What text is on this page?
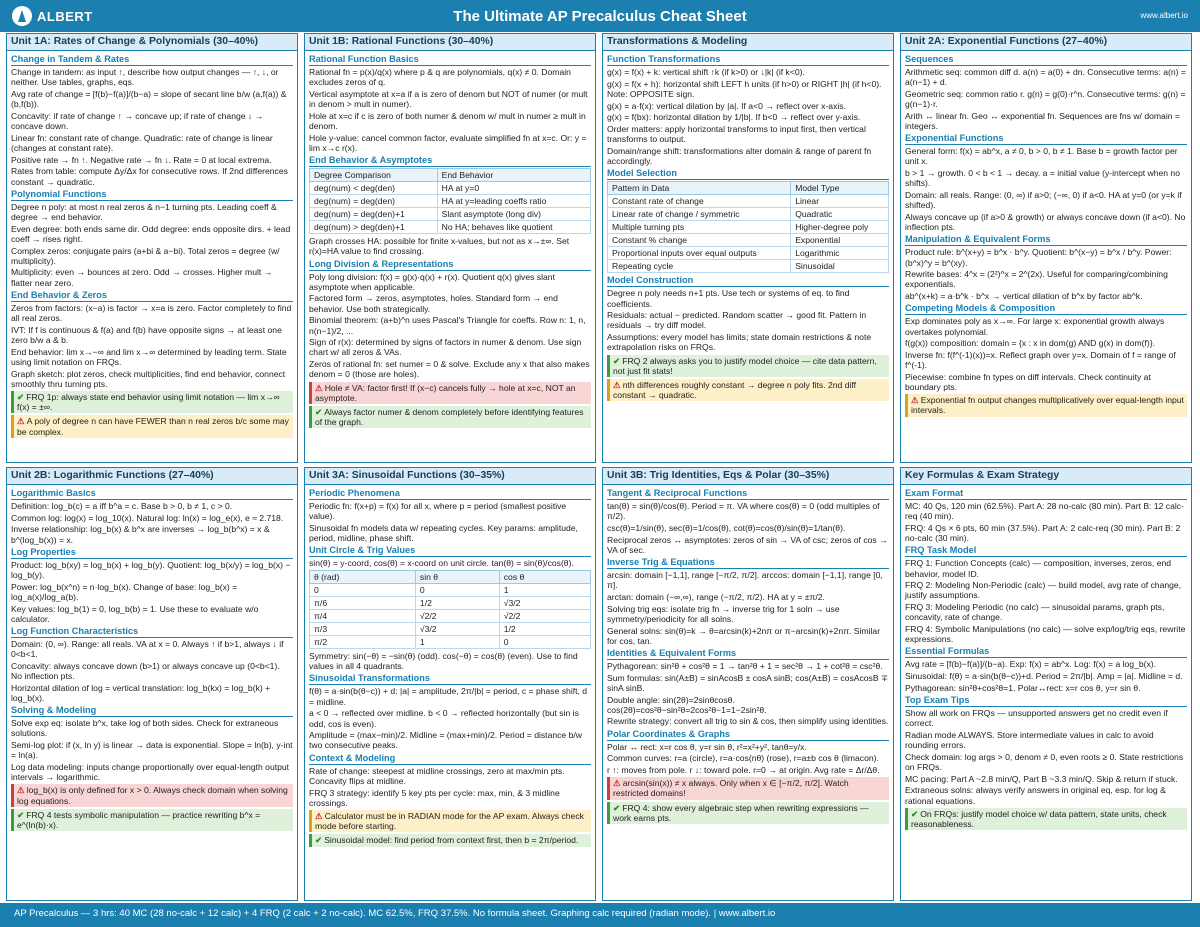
ALBERT	The Ultimate AP Precalculus Cheat Sheet	www.albert.io
Unit 1A: Rates of Change & Polynomials (30–40%)
Change in Tandem & Rates
Change in tandem: as input ↑, describe how output changes — ↑, ↓, or neither. Use tables, graphs, eqs.
Avg rate of change = [f(b)−f(a)]/(b−a) = slope of secant line b/w (a,f(a)) & (b,f(b)).
Concavity: if rate of change ↑ → concave up; if rate of change ↓ → concave down.
Linear fn: constant rate of change. Quadratic: rate of change is linear (changes at constant rate).
Positive rate → fn ↑. Negative rate → fn ↓. Rate = 0 at local extrema.
Rates from table: compute Δy/Δx for consecutive rows. If 2nd differences constant → quadratic.
Polynomial Functions
Degree n poly: at most n real zeros & n−1 turning pts. Leading coeff & degree → end behavior.
Even degree: both ends same dir. Odd degree: ends opposite dirs. + lead coeff → rises right.
Complex zeros: conjugate pairs (a+bi & a−bi). Total zeros = degree (w/ multiplicity).
Multiplicity: even → bounces at zero. Odd → crosses. Higher mult → flatter near zero.
End Behavior & Zeros
Zeros from factors: (x−a) is factor → x=a is zero. Factor completely to find all real zeros.
IVT: If f is continuous & f(a) and f(b) have opposite signs → at least one zero b/w a & b.
End behavior: lim x→−∞ and lim x→∞ determined by leading term. State using limit notation on FRQs.
Graph sketch: plot zeros, check multiplicities, find end behavior, connect smoothly thru turning pts.
✔ FRQ 1p: always state end behavior using limit notation — lim x→∞ f(x) = ±∞.
⚠ A poly of degree n can have FEWER than n real zeros b/c some may be complex.
Unit 1B: Rational Functions (30–40%)
Rational Function Basics
Rational fn = p(x)/q(x) where p & q are polynomials, q(x) ≠ 0. Domain excludes zeros of q.
Vertical asymptote at x=a if a is zero of denom but NOT of numer (or mult in denom > mult in numer).
Hole at x=c if c is zero of both numer & denom w/ mult in numer ≥ mult in denom.
Hole y-value: cancel common factor, evaluate simplified fn at x=c. Or: y = lim x→c r(x).
End Behavior & Asymptotes
Degree Comparison	End Behavior
deg(num) < deg(den)	HA at y=0
deg(num) = deg(den)	HA at y=leading coeffs ratio
deg(num) = deg(den)+1	Slant asymptote (long div)
deg(num) > deg(den)+1	No HA; behaves like quotient
Graph crosses HA: possible for finite x-values, but not as x→±∞. Set r(x)=HA value to find crossing.
Long Division & Representations
Poly long division: f(x) = g(x)·q(x) + r(x). Quotient q(x) gives slant asymptote when applicable.
Factored form → zeros, asymptotes, holes. Standard form → end behavior. Use both strategically.
Binomial theorem: (a+b)^n uses Pascal's Triangle for coeffs. Row n: 1, n, n(n−1)/2, ...
Sign of r(x): determined by signs of factors in numer & denom. Use sign chart w/ all zeros & VAs.
Zeros of rational fn: set numer = 0 & solve. Exclude any x that also makes denom = 0 (those are holes).
⚠ Hole ≠ VA: factor first! If (x−c) cancels fully → hole at x=c, NOT an asymptote.
✔ Always factor numer & denom completely before identifying features of the graph.
Transformations & Modeling
Function Transformations
g(x) = f(x) + k: vertical shift ↑k (if k>0) or ↓|k| (if k<0).
g(x) = f(x + h): horizontal shift LEFT h units (if h>0) or RIGHT |h| (if h<0). Note: OPPOSITE sign.
g(x) = a·f(x): vertical dilation by |a|. If a<0 → reflect over x-axis.
g(x) = f(bx): horizontal dilation by 1/|b|. If b<0 → reflect over y-axis.
Order matters: apply horizontal transforms to input first, then vertical transforms to output.
Domain/range shift: transformations alter domain & range of parent fn accordingly.
Model Selection
Pattern in Data	Model Type
Constant rate of change	Linear
Linear rate of change / symmetric	Quadratic
Multiple turning pts	Higher-degree poly
Constant % change	Exponential
Proportional inputs over equal outputs	Logarithmic
Repeating cycle	Sinusoidal
Model Construction
Degree n poly needs n+1 pts. Use tech or systems of eq. to find coefficients.
Residuals: actual − predicted. Random scatter → good fit. Pattern in residuals → try diff model.
Assumptions: every model has limits; state domain restrictions & note extrapolation risks on FRQs.
✔ FRQ 2 always asks you to justify model choice — cite data pattern, not just fit stats!
⚠ nth differences roughly constant → degree n poly fits. 2nd diff constant → quadratic.
Unit 2A: Exponential Functions (27–40%)
Sequences
Arithmetic seq: common diff d. a(n) = a(0) + dn. Consecutive terms: a(n) = a(n−1) + d.
Geometric seq: common ratio r. g(n) = g(0)·r^n. Consecutive terms: g(n) = g(n−1)·r.
Arith ↔ linear fn. Geo ↔ exponential fn. Sequences are fns w/ domain = integers.
Exponential Functions
General form: f(x) = ab^x, a ≠ 0, b > 0, b ≠ 1. Base b = growth factor per unit x.
b > 1 → growth. 0 < b < 1 → decay. a = initial value (y-intercept when no shifts).
Domain: all reals. Range: (0, ∞) if a>0; (−∞, 0) if a<0. HA at y=0 (or y=k if shifted).
Always concave up (if a>0 & growth) or always concave down (if a<0). No inflection pts.
Manipulation & Equivalent Forms
Product rule: b^(x+y) = b^x · b^y. Quotient: b^(x−y) = b^x / b^y. Power: (b^x)^y = b^(xy).
Rewrite bases: 4^x = (2²)^x = 2^(2x). Useful for comparing/combining exponentials.
ab^(x+k) = a·b^k · b^x → vertical dilation of b^x by factor ab^k.
Competing Models & Composition
Exp dominates poly as x→∞. For large x: exponential growth always overtakes polynomial.
f(g(x)) composition: domain = {x : x in dom(g) AND g(x) in dom(f)}.
Inverse fn: f(f^(-1)(x))=x. Reflect graph over y=x. Domain of f = range of f^(-1).
Piecewise: combine fn types on diff intervals. Check continuity at boundary pts.
⚠ Exponential fn output changes multiplicatively over equal-length input intervals.
Unit 2B: Logarithmic Functions (27–40%)
Logarithmic Basics
Definition: log_b(c) = a iff b^a = c. Base b > 0, b ≠ 1, c > 0.
Common log: log(x) = log_10(x). Natural log: ln(x) = log_e(x), e ≈ 2.718.
Inverse relationship: log_b(x) & b^x are inverses → log_b(b^x) = x & b^(log_b(x)) = x.
Log Properties
Product: log_b(xy) = log_b(x) + log_b(y). Quotient: log_b(x/y) = log_b(x) − log_b(y).
Power: log_b(x^n) = n·log_b(x). Change of base: log_b(x) = log_a(x)/log_a(b).
Key values: log_b(1) = 0, log_b(b) = 1. Use these to evaluate w/o calculator.
Log Function Characteristics
Domain: (0, ∞). Range: all reals. VA at x = 0. Always ↑ if b>1, always ↓ if 0<b<1.
Concavity: always concave down (b>1) or always concave up (0<b<1). No inflection pts.
Horizontal dilation of log = vertical translation: log_b(kx) = log_b(k) + log_b(x).
Solving & Modeling
Solve exp eq: isolate b^x, take log of both sides. Check for extraneous solutions.
Semi-log plot: if (x, ln y) is linear → data is exponential. Slope = ln(b), y-int = ln(a).
Log data modeling: inputs change proportionally over equal-length output intervals → logarithmic.
⚠ log_b(x) is only defined for x > 0. Always check domain when solving log equations.
✔ FRQ 4 tests symbolic manipulation — practice rewriting b^x = e^(ln(b)·x).
Unit 3A: Sinusoidal Functions (30–35%)
Periodic Phenomena
Periodic fn: f(x+p) = f(x) for all x, where p = period (smallest positive value).
Sinusoidal fn models data w/ repeating cycles. Key params: amplitude, period, midline, phase shift.
Unit Circle & Trig Values
sin(θ) = y-coord, cos(θ) = x-coord on unit circle. tan(θ) = sin(θ)/cos(θ).
θ (rad)	sin θ	cos θ
0	0	1
π/6	1/2	√3/2
π/4	√2/2	√2/2
π/3	√3/2	1/2
π/2	1	0
Symmetry: sin(−θ) = −sin(θ) (odd). cos(−θ) = cos(θ) (even). Use to find values in all 4 quadrants.
Sinusoidal Transformations
f(θ) = a·sin(b(θ−c)) + d: |a| = amplitude, 2π/|b| = period, c = phase shift, d = midline.
a < 0 → reflected over midline. b < 0 → reflected horizontally (but sin is odd, cos is even).
Amplitude = (max−min)/2. Midline = (max+min)/2. Period = distance b/w two consecutive peaks.
Context & Modeling
Rate of change: steepest at midline crossings, zero at max/min pts. Concavity flips at midline.
FRQ 3 strategy: identify 5 key pts per cycle: max, min, & 3 midline crossings.
⚠ Calculator must be in RADIAN mode for the AP exam. Always check mode before starting.
✔ Sinusoidal model: find period from context first, then b = 2π/period.
Unit 3B: Trig Identities, Eqs & Polar (30–35%)
Tangent & Reciprocal Functions
tan(θ) = sin(θ)/cos(θ). Period = π. VA where cos(θ) = 0 (odd multiples of π/2).
csc(θ)=1/sin(θ), sec(θ)=1/cos(θ), cot(θ)=cos(θ)/sin(θ)=1/tan(θ).
Reciprocal zeros ↔ asymptotes: zeros of sin → VA of csc; zeros of cos → VA of sec.
Inverse Trig & Equations
arcsin: domain [−1,1], range [−π/2, π/2]. arccos: domain [−1,1], range [0, π].
arctan: domain (−∞,∞), range (−π/2, π/2). HA at y = ±π/2.
Solving trig eqs: isolate trig fn → inverse trig for 1 soln → use symmetry/periodicity for all solns.
General solns: sin(θ)=k → θ=arcsin(k)+2nπ or π−arcsin(k)+2nπ. Similar for cos, tan.
Identities & Equivalent Forms
Pythagorean: sin²θ + cos²θ = 1 → tan²θ + 1 = sec²θ → 1 + cot²θ = csc²θ.
Sum formulas: sin(A±B) = sinAcosB ± cosA sinB; cos(A±B) = cosAcosB ∓ sinA sinB.
Double angle: sin(2θ)=2sinθcosθ. cos(2θ)=cos²θ−sin²θ=2cos²θ−1=1−2sin²θ.
Rewrite strategy: convert all trig to sin & cos, then simplify using identities.
Polar Coordinates & Graphs
Polar ↔ rect: x=r cos θ, y=r sin θ, r²=x²+y², tanθ=y/x.
Common curves: r=a (circle), r=a·cos(nθ) (rose), r=a±b cos θ (limacon).
r ↑: moves from pole. r ↓: toward pole. r=0 → at origin. Avg rate = Δr/Δθ.
⚠ arcsin(sin(x)) ≠ x always. Only when x ∈ [−π/2, π/2]. Watch restricted domains!
✔ FRQ 4: show every algebraic step when rewriting expressions — work earns pts.
Key Formulas & Exam Strategy
Exam Format
MC: 40 Qs, 120 min (62.5%). Part A: 28 no-calc (80 min). Part B: 12 calc-req (40 min).
FRQ: 4 Qs × 6 pts, 60 min (37.5%). Part A: 2 calc-req (30 min). Part B: 2 no-calc (30 min).
FRQ Task Model
FRQ 1: Function Concepts (calc) — composition, inverses, zeros, end behavior, model ID.
FRQ 2: Modeling Non-Periodic (calc) — build model, avg rate of change, justify assumptions.
FRQ 3: Modeling Periodic (no calc) — sinusoidal params, graph pts, concavity, rate of change.
FRQ 4: Symbolic Manipulations (no calc) — solve exp/log/trig eqs, rewrite expressions.
Essential Formulas
Avg rate = [f(b)−f(a)]/(b−a). Exp: f(x) = ab^x. Log: f(x) = a log_b(x).
Sinusoidal: f(θ) = a·sin(b(θ−c))+d. Period = 2π/|b|. Amp = |a|. Midline = d.
Pythagorean: sin²θ+cos²θ=1. Polar↔rect: x=r cos θ, y=r sin θ.
Top Exam Tips
Show all work on FRQs — unsupported answers get no credit even if correct.
Radian mode ALWAYS. Store intermediate values in calc to avoid rounding errors.
Check domain: log args > 0, denom ≠ 0, even roots ≥ 0. State restrictions on FRQs.
MC pacing: Part A ~2.8 min/Q, Part B ~3.3 min/Q. Skip & return if stuck.
Extraneous solns: always verify answers in original eq, esp. for log & rational equations.
✔ On FRQs: justify model choice w/ data pattern, state units, check reasonableness.
AP Precalculus — 3 hrs: 40 MC (28 no-calc + 12 calc) + 4 FRQ (2 calc + 2 no-calc). MC 62.5%, FRQ 37.5%. No formula sheet. Graphing calc required (radian mode). | www.albert.io
